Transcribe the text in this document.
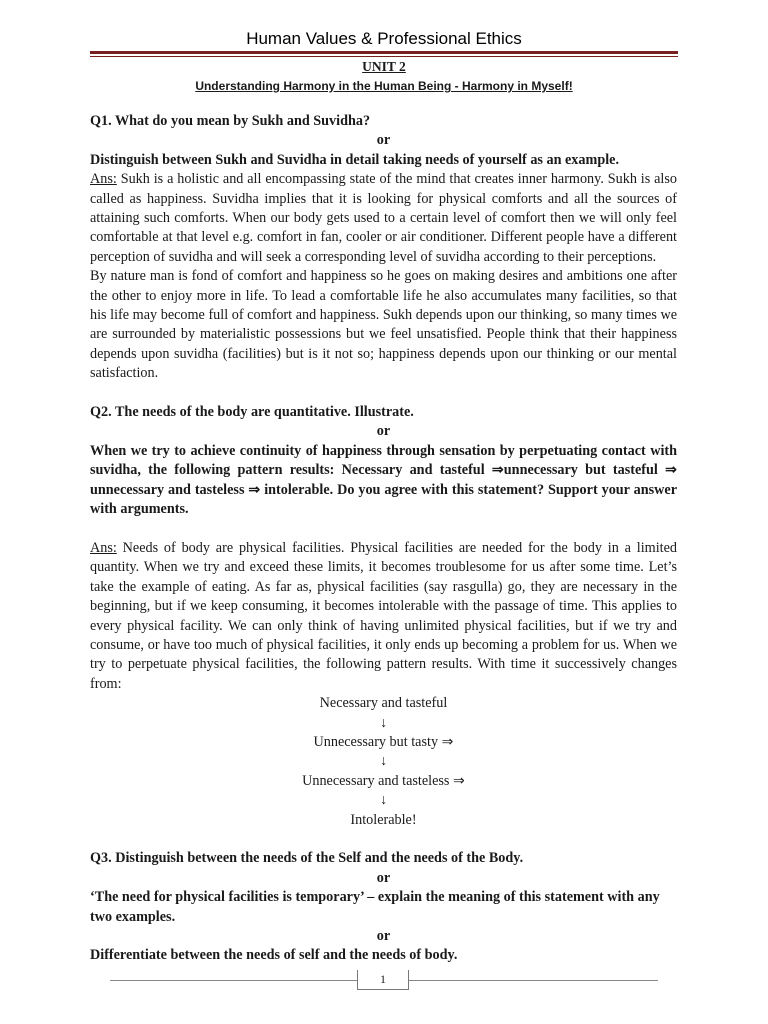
Human Values & Professional Ethics
UNIT 2
Understanding Harmony in the Human Being - Harmony in Myself!

Q1. What do you mean by Sukh and Suvidha?

or

Distinguish between Sukh and Suvidha in detail taking needs of yourself as an example.

Ans: Sukh is a holistic and all encompassing state of the mind that creates inner harmony. Sukh is also called as happiness. Suvidha implies that it is looking for physical comforts and all the sources of attaining such comforts. When our body gets used to a certain level of comfort then we will only feel comfortable at that level e.g. comfort in fan, cooler or air conditioner. Different people have a different perception of suvidha and will seek a corresponding level of suvidha according to their perceptions.

By nature man is fond of comfort and happiness so he goes on making desires and ambitions one after the other to enjoy more in life. To lead a comfortable life he also accumulates many facilities, so that his life may become full of comfort and happiness. Sukh depends upon our thinking, so many times we are surrounded by materialistic possessions but we feel unsatisfied. People think that their happiness depends upon suvidha (facilities) but is it not so; happiness depends upon our thinking or our mental satisfaction.

Q2. The needs of the body are quantitative. Illustrate.

or

When we try to achieve continuity of happiness through sensation by perpetuating contact with suvidha, the following pattern results: Necessary and tasteful ⇒unnecessary but tasteful ⇒ unnecessary and tasteless ⇒ intolerable. Do you agree with this statement? Support your answer with arguments.

Ans: Needs of body are physical facilities. Physical facilities are needed for the body in a limited quantity. When we try and exceed these limits, it becomes troublesome for us after some time. Let’s take the example of eating. As far as, physical facilities (say rasgulla) go, they are necessary in the beginning, but if we keep consuming, it becomes intolerable with the passage of time. This applies to every physical facility. We can only think of having unlimited physical facilities, but if we try and consume, or have too much of physical facilities, it only ends up becoming a problem for us. When we try to perpetuate physical facilities, the following pattern results. With time it successively changes from:

Necessary and tasteful

↓

Unnecessary but tasty ⇒

↓

Unnecessary and tasteless ⇒

↓

Intolerable!

Q3. Distinguish between the needs of the Self and the needs of the Body.

or

‘The need for physical facilities is temporary’ – explain the meaning of this statement with any two examples.

or

Differentiate between the needs of self and the needs of body.

1
